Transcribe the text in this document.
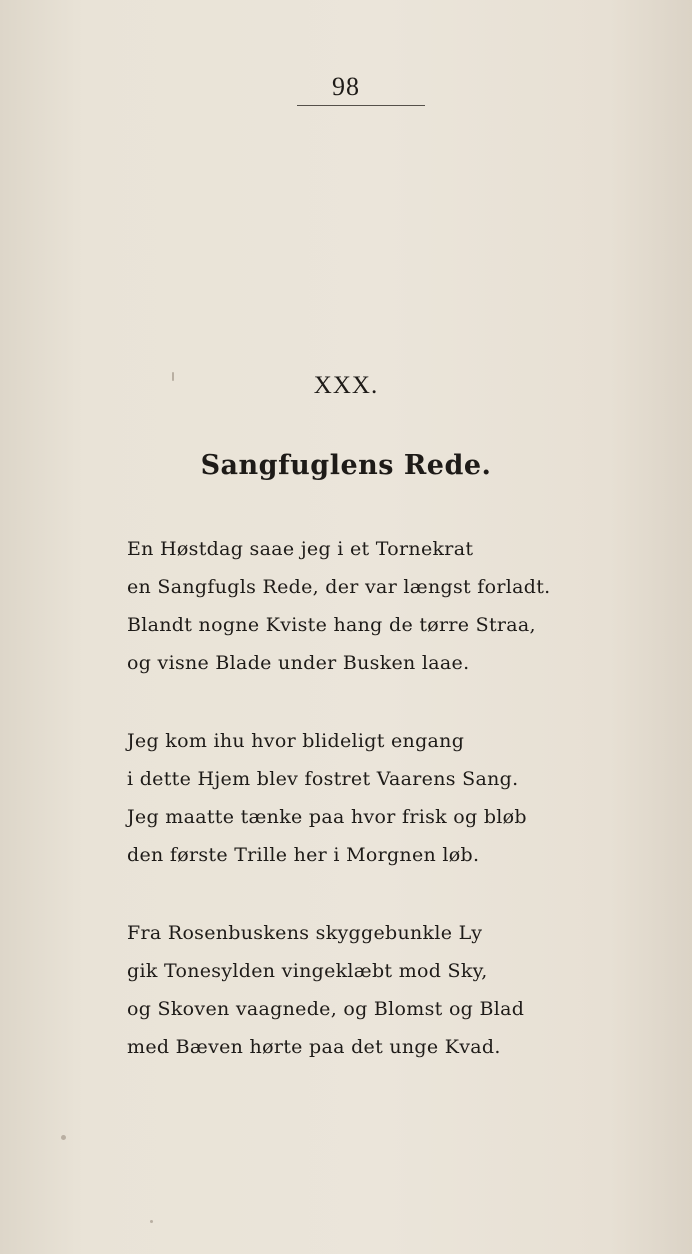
98
XXX.
Sangfuglens Rede.
En Høstdag saae jeg i et Tornekrat
en Sangfugls Rede, der var længst forladt.
Blandt nogne Kviste hang de tørre Straa,
og visne Blade under Busken laae.
Jeg kom ihu hvor blideligt engang
i dette Hjem blev fostret Vaarens Sang.
Jeg maatte tænke paa hvor frisk og bløb
den første Trille her i Morgnen løb.
Fra Rosenbuskens skyggebunkle Ly
gik Tonesylden vingeklæbt mod Sky,
og Skoven vaagnede, og Blomst og Blad
med Bæven hørte paa det unge Kvad.
